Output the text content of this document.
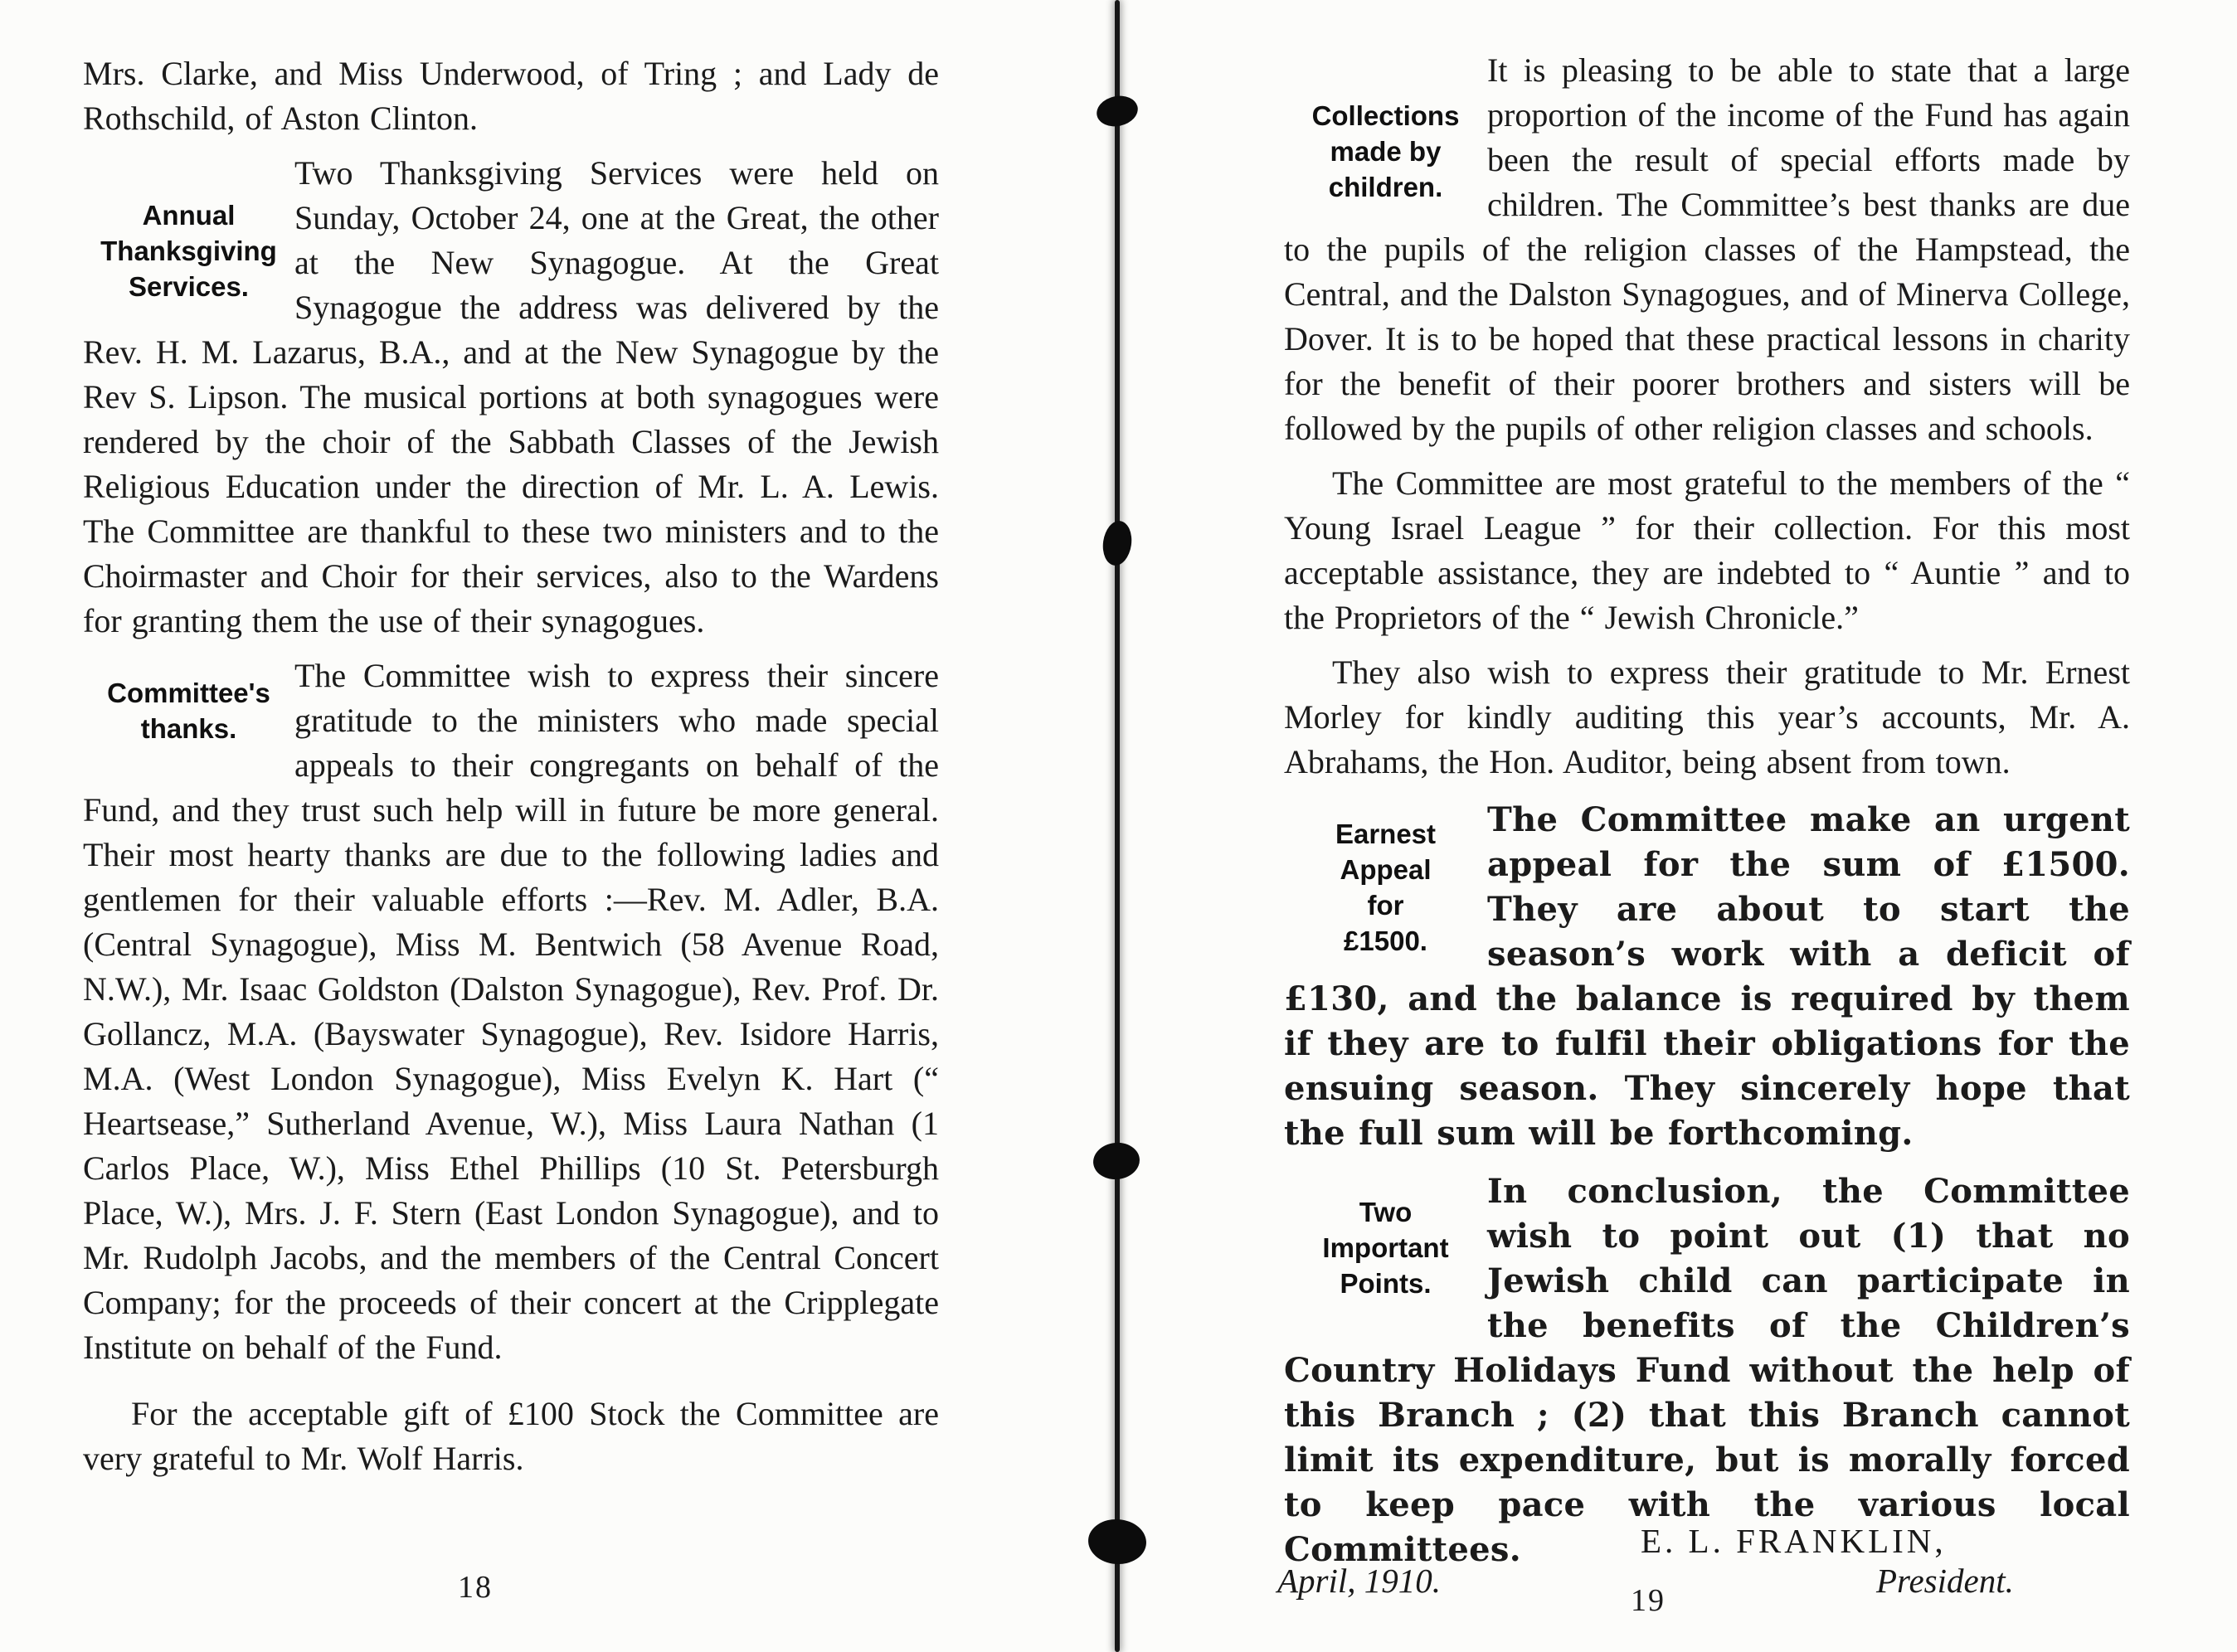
Mrs. Clarke, and Miss Underwood, of Tring ; and Lady de Rothschild, of Aston Clinton.

Annual Thanksgiving Services.
Two Thanksgiving Services were held on Sunday, October 24, one at the Great, the other at the New Synagogue. At the Great Synagogue the address was delivered by the Rev. H. M. Lazarus, B.A., and at the New Synagogue by the Rev S. Lipson. The musical portions at both synagogues were rendered by the choir of the Sabbath Classes of the Jewish Religious Education under the direction of Mr. L. A. Lewis. The Committee are thankful to these two ministers and to the Choirmaster and Choir for their services, also to the Wardens for granting them the use of their synagogues.

Committee's thanks.
The Committee wish to express their sincere gratitude to the ministers who made special appeals to their congregants on behalf of the Fund, and they trust such help will in future be more general. Their most hearty thanks are due to the following ladies and gentlemen for their valuable efforts :—Rev. M. Adler, B.A. (Central Synagogue), Miss M. Bentwich (58 Avenue Road, N.W.), Mr. Isaac Goldston (Dalston Synagogue), Rev. Prof. Dr. Gollancz, M.A. (Bayswater Synagogue), Rev. Isidore Harris, M.A. (West London Synagogue), Miss Evelyn K. Hart (“ Heartsease,” Sutherland Avenue, W.), Miss Laura Nathan (1 Carlos Place, W.), Miss Ethel Phillips (10 St. Petersburgh Place, W.), Mrs. J. F. Stern (East London Synagogue), and to Mr. Rudolph Jacobs, and the members of the Central Concert Company; for the proceeds of their concert at the Cripplegate Institute on behalf of the Fund.

For the acceptable gift of £100 Stock the Committee are very grateful to Mr. Wolf Harris.

Collections made by children.
It is pleasing to be able to state that a large proportion of the income of the Fund has again been the result of special efforts made by children. The Committee’s best thanks are due to the pupils of the religion classes of the Hampstead, the Central, and the Dalston Synagogues, and of Minerva College, Dover. It is to be hoped that these practical lessons in charity for the benefit of their poorer brothers and sisters will be followed by the pupils of other religion classes and schools.

The Committee are most grateful to the members of the “ Young Israel League ” for their collection. For this most acceptable assistance, they are indebted to “ Auntie ” and to the Proprietors of the “ Jewish Chronicle.”

They also wish to express their gratitude to Mr. Ernest Morley for kindly auditing this year’s accounts, Mr. A. Abrahams, the Hon. Auditor, being absent from town.

Earnest Appeal for £1500.
The Committee make an urgent appeal for the sum of £1500. They are about to start the season’s work with a deficit of £130, and the balance is required by them if they are to fulfil their obligations for the ensuing season. They sincerely hope that the full sum will be forthcoming.

Two Important Points.
In conclusion, the Committee wish to point out (1) that no Jewish child can participate in the benefits of the Children’s Country Holidays Fund without the help of this Branch ; (2) that this Branch cannot limit its expenditure, but is morally forced to keep pace with the various local Committees.	E. L. FRANKLIN,
April, 1910.	President.
18	19
